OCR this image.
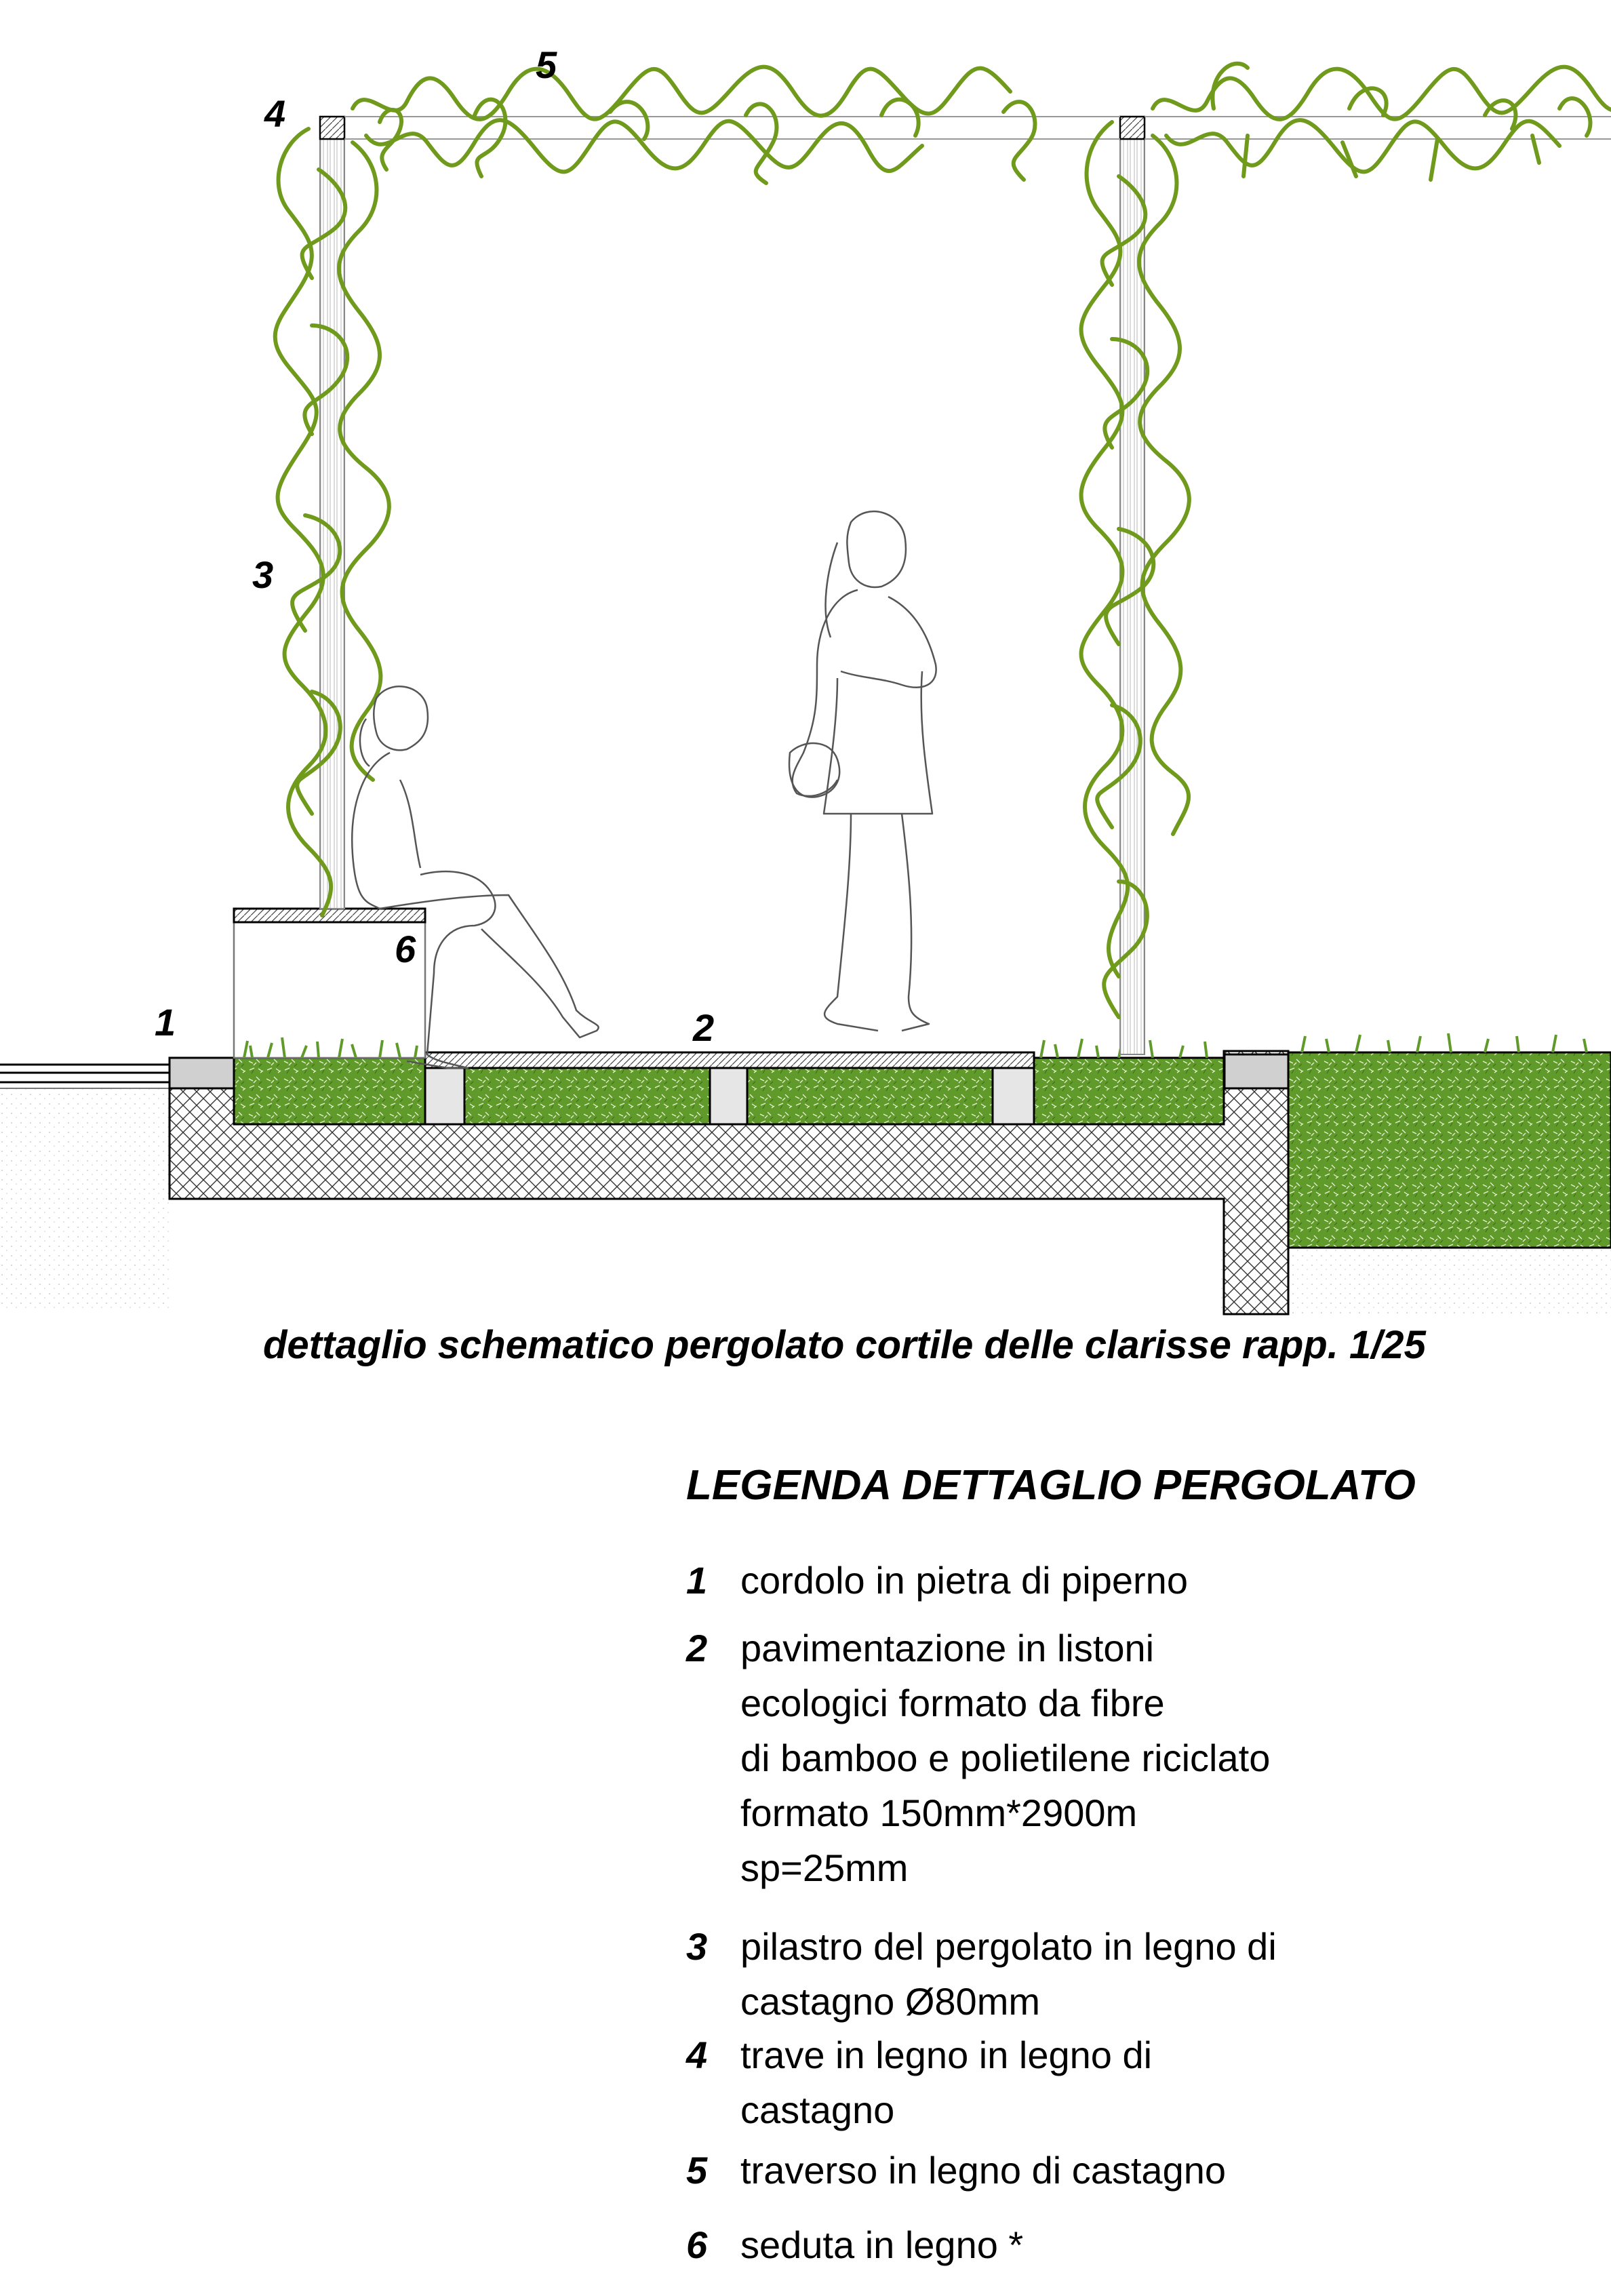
1	2
3
4
5
6
dettaglio schematico pergolato cortile delle clarisse rapp. 1/25
LEGENDA DETTAGLIO PERGOLATO
1 cordolo in pietra di piperno
2 pavimentazione in listoni
ecologici formato da fibre
di bamboo e polietilene riciclato
formato 150mm*2900m
sp=25mm
3 pilastro del pergolato in legno di
castagno Ø80mm
4 trave in legno in legno di
castagno
5 traverso in legno di castagno
6 seduta in legno *
